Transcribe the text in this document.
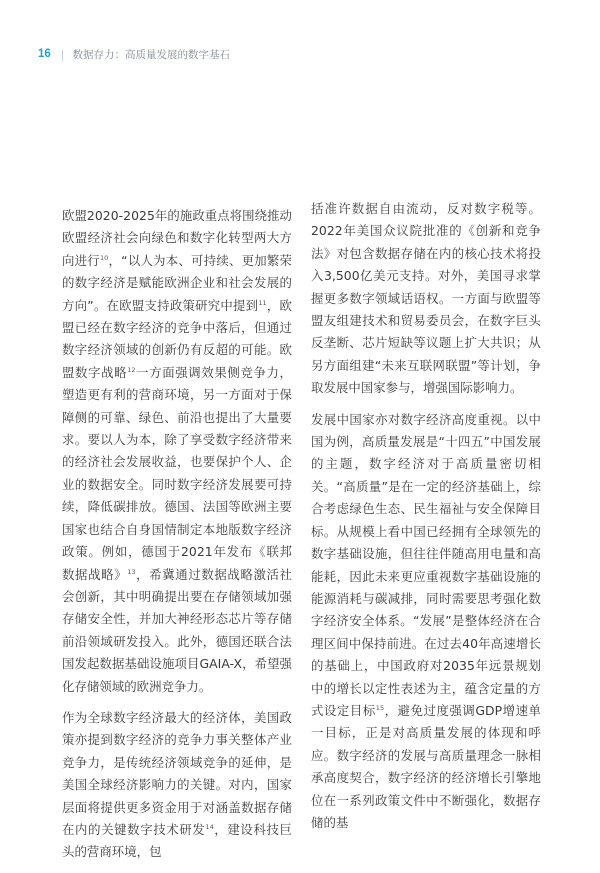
16 | 数据存力：高质量发展的数字基石

欧盟2020-2025年的施政重点将围绕推动欧盟经济社会向绿色和数字化转型两大方向进行$^{10}$，“以人为本、可持续、更加繁荣的数字经济是赋能欧洲企业和社会发展的方向”。在欧盟支持政策研究中提到$^{11}$，欧盟已经在数字经济的竞争中落后，但通过数字经济领域的创新仍有反超的可能。欧盟数字战略$^{12}$一方面强调效果侧竞争力，塑造更有利的营商环境，另一方面对于保障侧的可靠、绿色、前沿也提出了大量要求。要以人为本，除了享受数字经济带来的经济社会发展收益，也要保护个人、企业的数据安全。同时数字经济发展要可持续，降低碳排放。德国、法国等欧洲主要国家也结合自身国情制定本地版数字经济政策。例如，德国于2021年发布《联邦数据战略》$^{13}$，希冀通过数据战略激活社会创新，其中明确提出要在存储领域加强存储安全性，并加大神经形态芯片等存储前沿领域研发投入。此外，德国还联合法国发起数据基础设施项目GAIA-X，希望强化存储领域的欧洲竞争力。

作为全球数字经济最大的经济体，美国政策亦提到数字经济的竞争力事关整体产业竞争力，是传统经济领域竞争的延伸，是美国全球经济影响力的关键。对内，国家层面将提供更多资金用于对涵盖数据存储在内的关键数字技术研发$^{14}$，建设科技巨头的营商环境，包

括准许数据自由流动，反对数字税等。2022年美国众议院批准的《创新和竞争法》对包含数据存储在内的核心技术将投入3,500亿美元支持。对外，美国寻求掌握更多数字领域话语权。一方面与欧盟等盟友组建技术和贸易委员会，在数字巨头反垄断、芯片短缺等议题上扩大共识；从另方面组建“未来互联网联盟”等计划，争取发展中国家参与，增强国际影响力。

发展中国家亦对数字经济高度重视。以中国为例，高质量发展是“十四五”中国发展的主题，数字经济对于高质量密切相关。“高质量”是在一定的经济基础上，综合考虑绿色生态、民生福祉与安全保障目标。从规模上看中国已经拥有全球领先的数字基础设施，但往往伴随高用电量和高能耗，因此未来更应重视数字基础设施的能源消耗与碳减排，同时需要思考强化数字经济安全体系。“发展”是整体经济在合理区间中保持前进。在过去40年高速增长的基础上，中国政府对2035年远景规划中的增长以定性表述为主，蕴含定量的方式设定目标$^{15}$，避免过度强调GDP增速单一目标，正是对高质量发展的体现和呼应。数字经济的发展与高质量理念一脉相承高度契合，数字经济的经济增长引擎地位在一系列政策文件中不断强化，数据存储的基
